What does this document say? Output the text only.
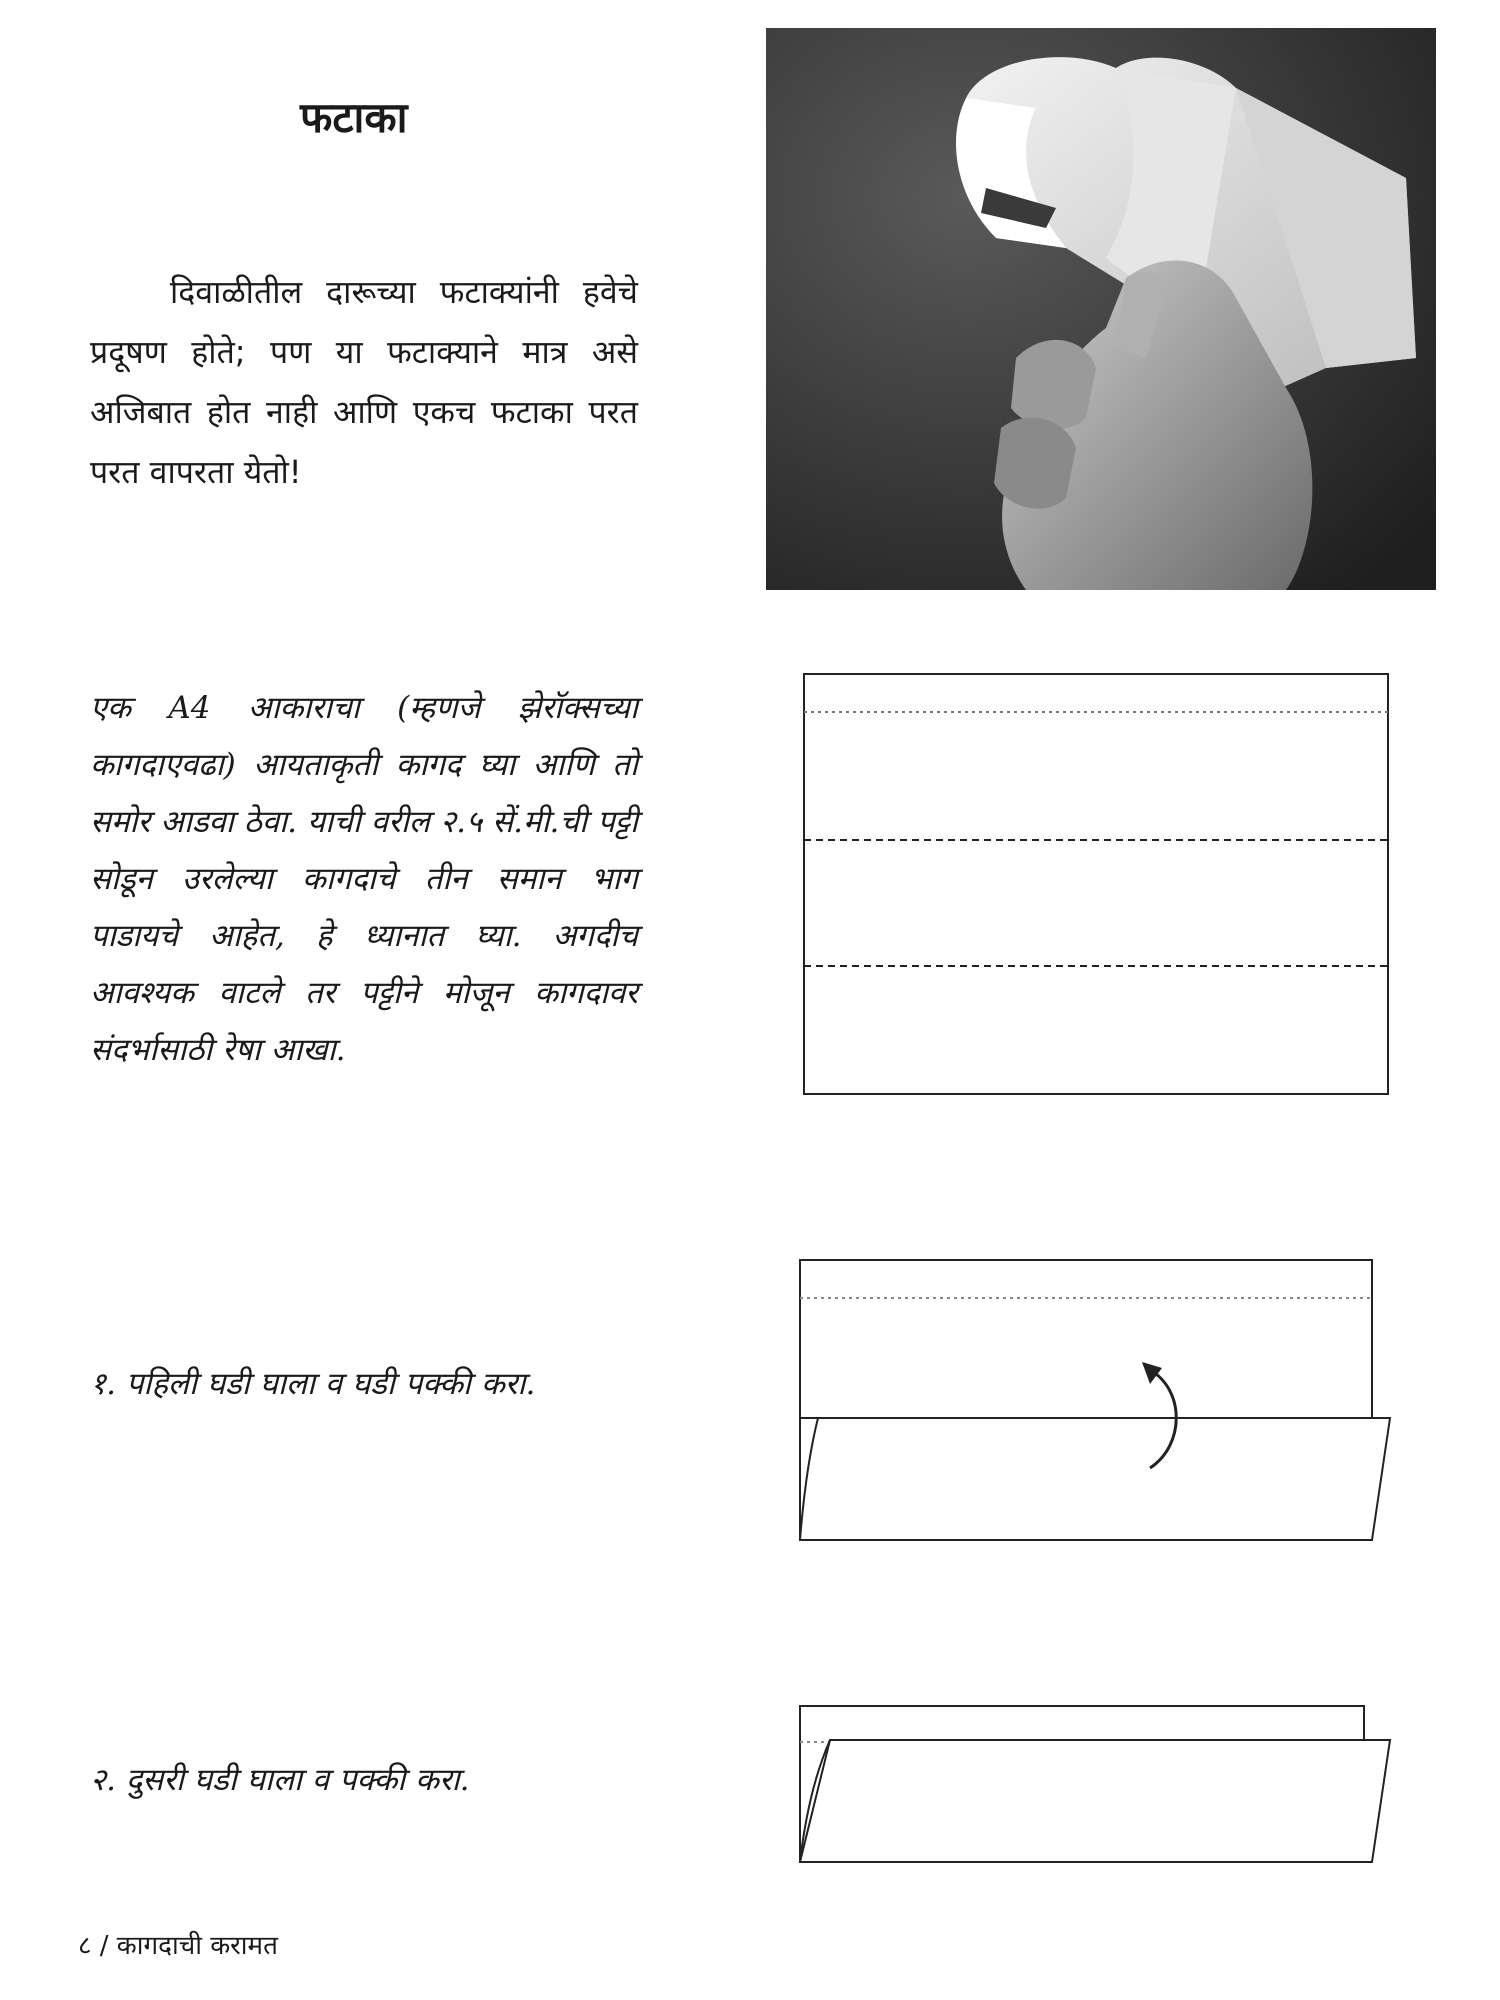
फटाका

दिवाळीतील दारूच्या फटाक्यांनी हवेचे प्रदूषण होते; पण या फटाक्याने मात्र असे अजिबात होत नाही आणि एकच फटाका परत परत वापरता येतो!

एक A4 आकाराचा (म्हणजे झेरॉक्सच्या कागदाएवढा) आयताकृती कागद घ्या आणि तो समोर आडवा ठेवा. याची वरील २.५ सें.मी.ची पट्टी सोडून उरलेल्या कागदाचे तीन समान भाग पाडायचे आहेत, हे ध्यानात घ्या. अगदीच आवश्यक वाटले तर पट्टीने मोजून कागदावर संदर्भासाठी रेषा आखा.

१. पहिली घडी घाला व घडी पक्की करा.

२. दुसरी घडी घाला व पक्की करा.

८ / कागदाची करामत
